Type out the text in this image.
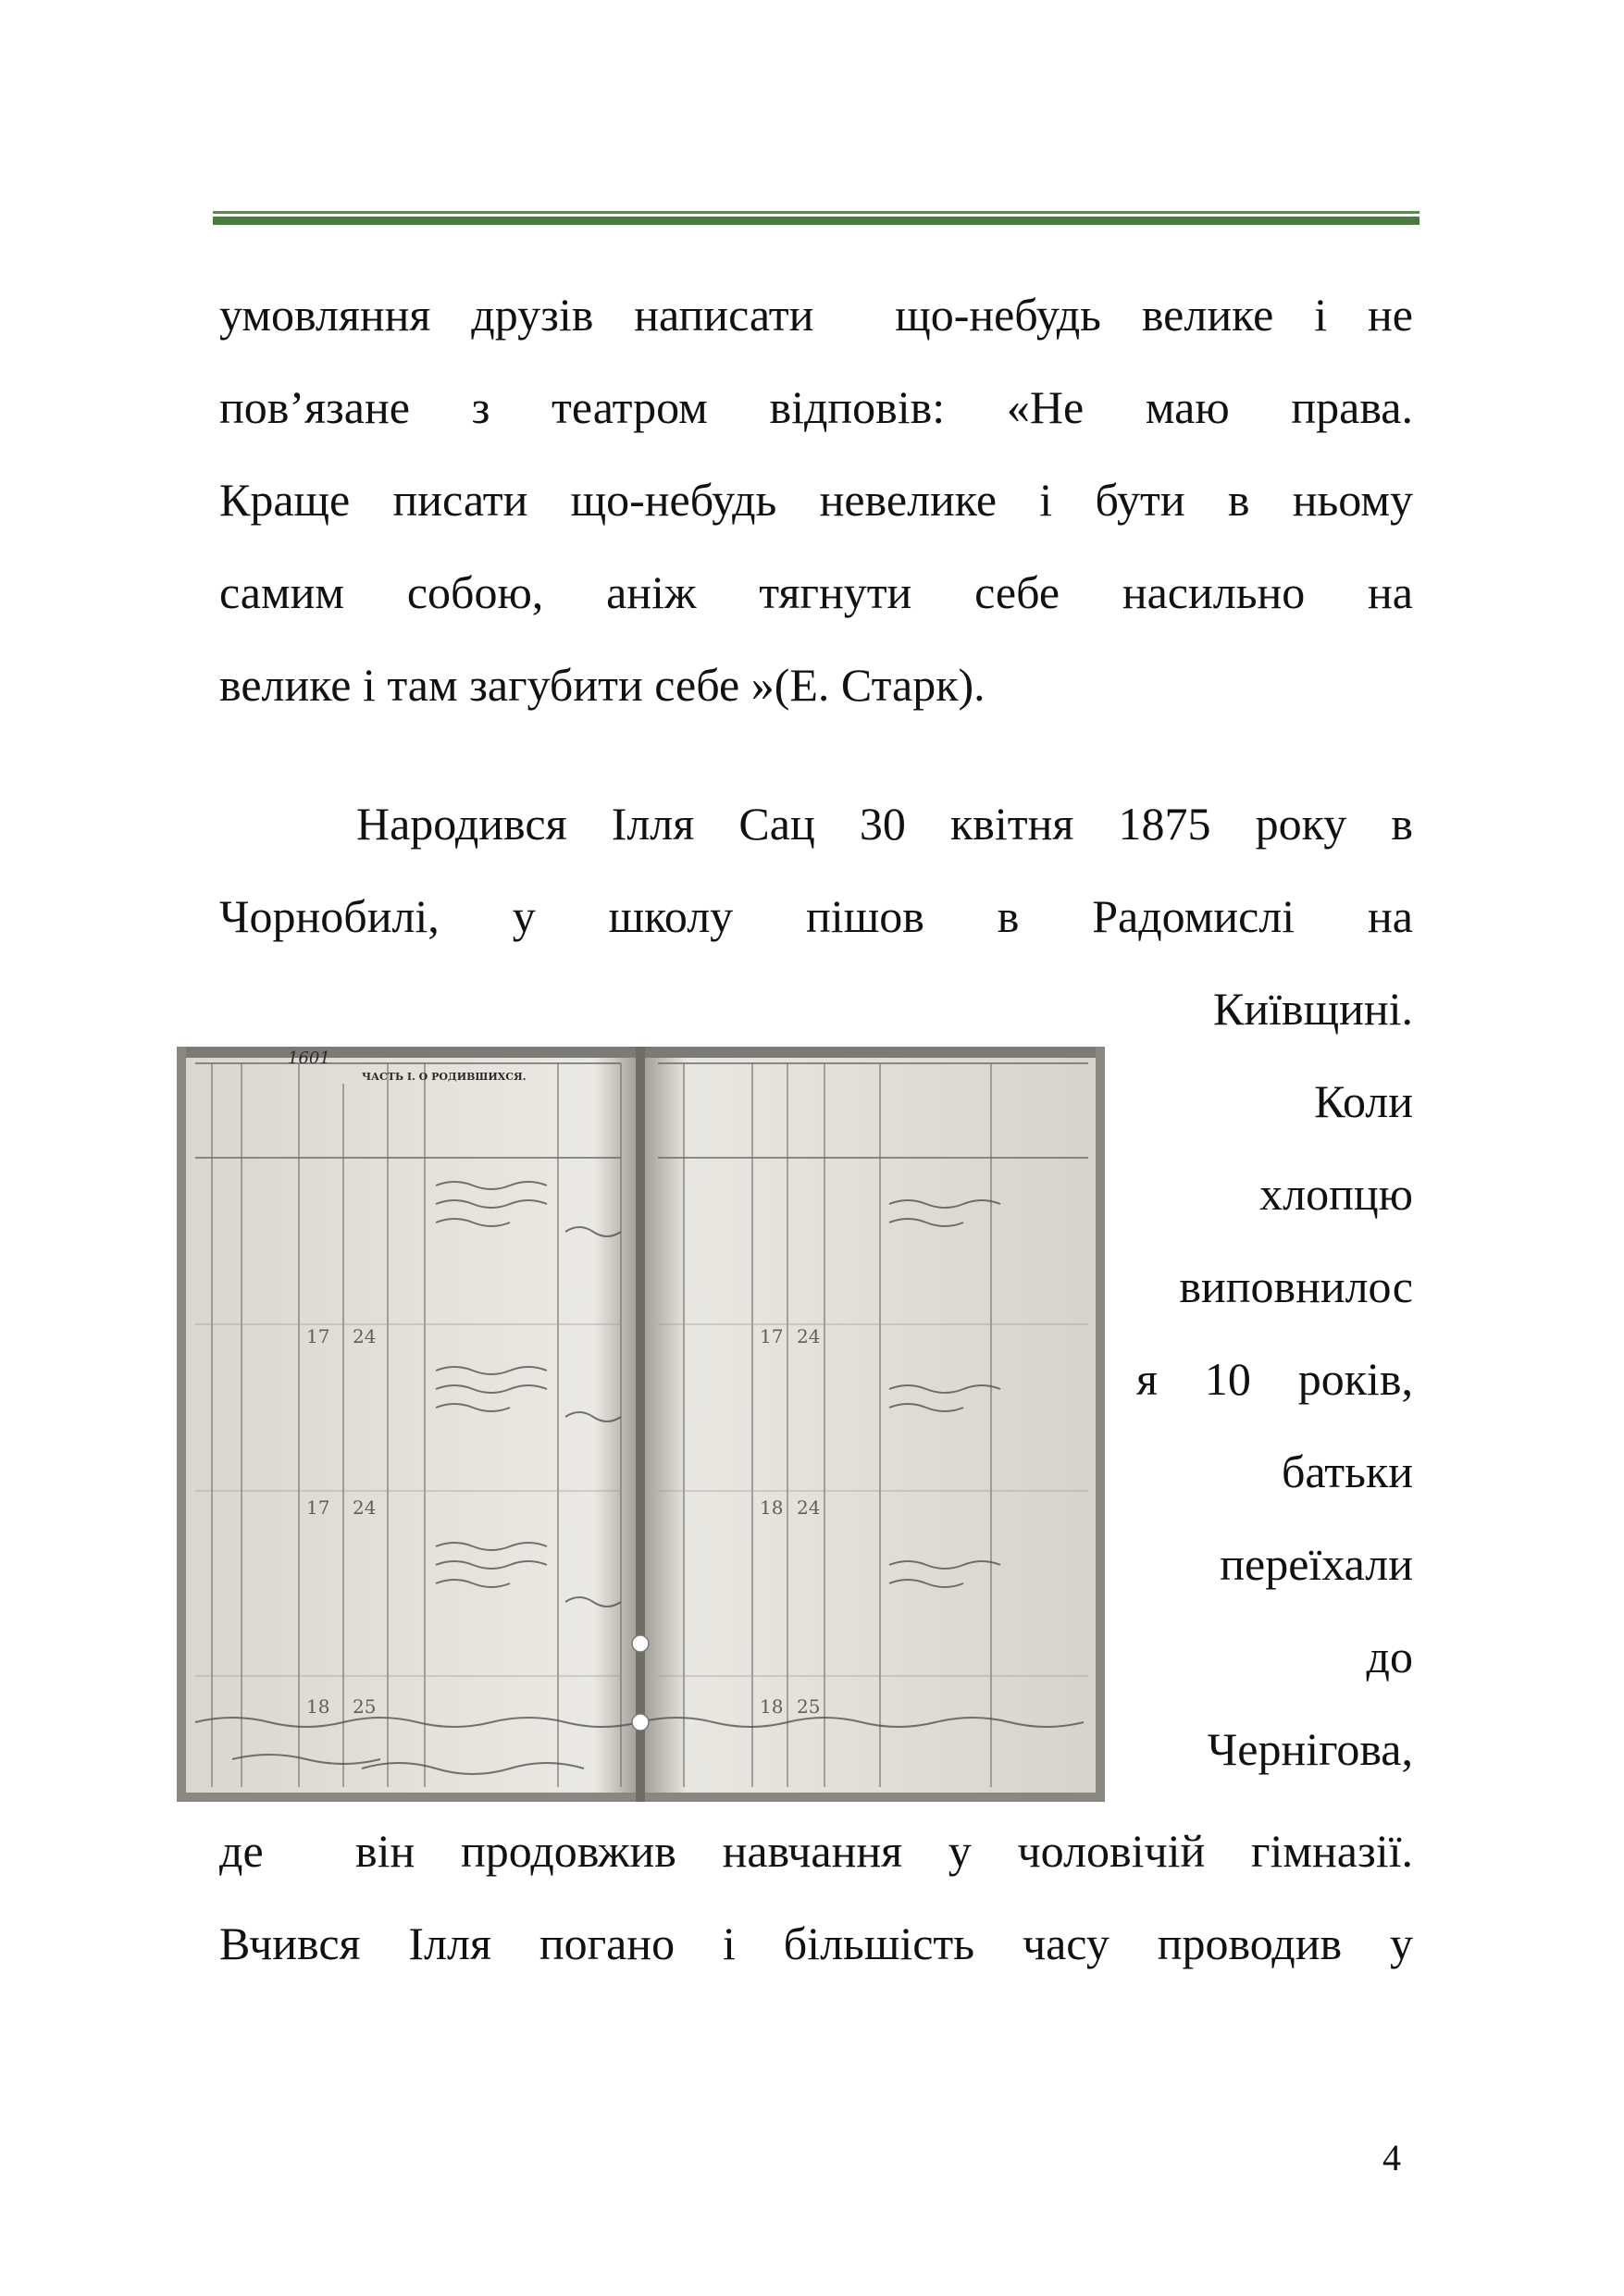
умовляння друзів написати  що-небудь велике і не
пов’язане з театром відповів: «Не маю права.
Краще писати що-небудь невелике і бути в ньому
самим собою, аніж тягнути себе насильно на
велике і там загубити себе »(Е. Старк).
Народився Ілля Сац 30 квітня 1875 року в
Чорнобилі, у школу пішов в Радомислі на
Київщині.
Коли
хлопцю
виповнилос
я 10 років,
батьки
переїхали
до
Чернігова,
де  він продовжив навчання у чоловічій гімназії.
Вчився Ілля погано і більшість часу проводив у
17 24
17 24
18 25
17 24
18 24
18 25
1601
ЧАСТЬ I. О РОДИВШИХСЯ.
4
